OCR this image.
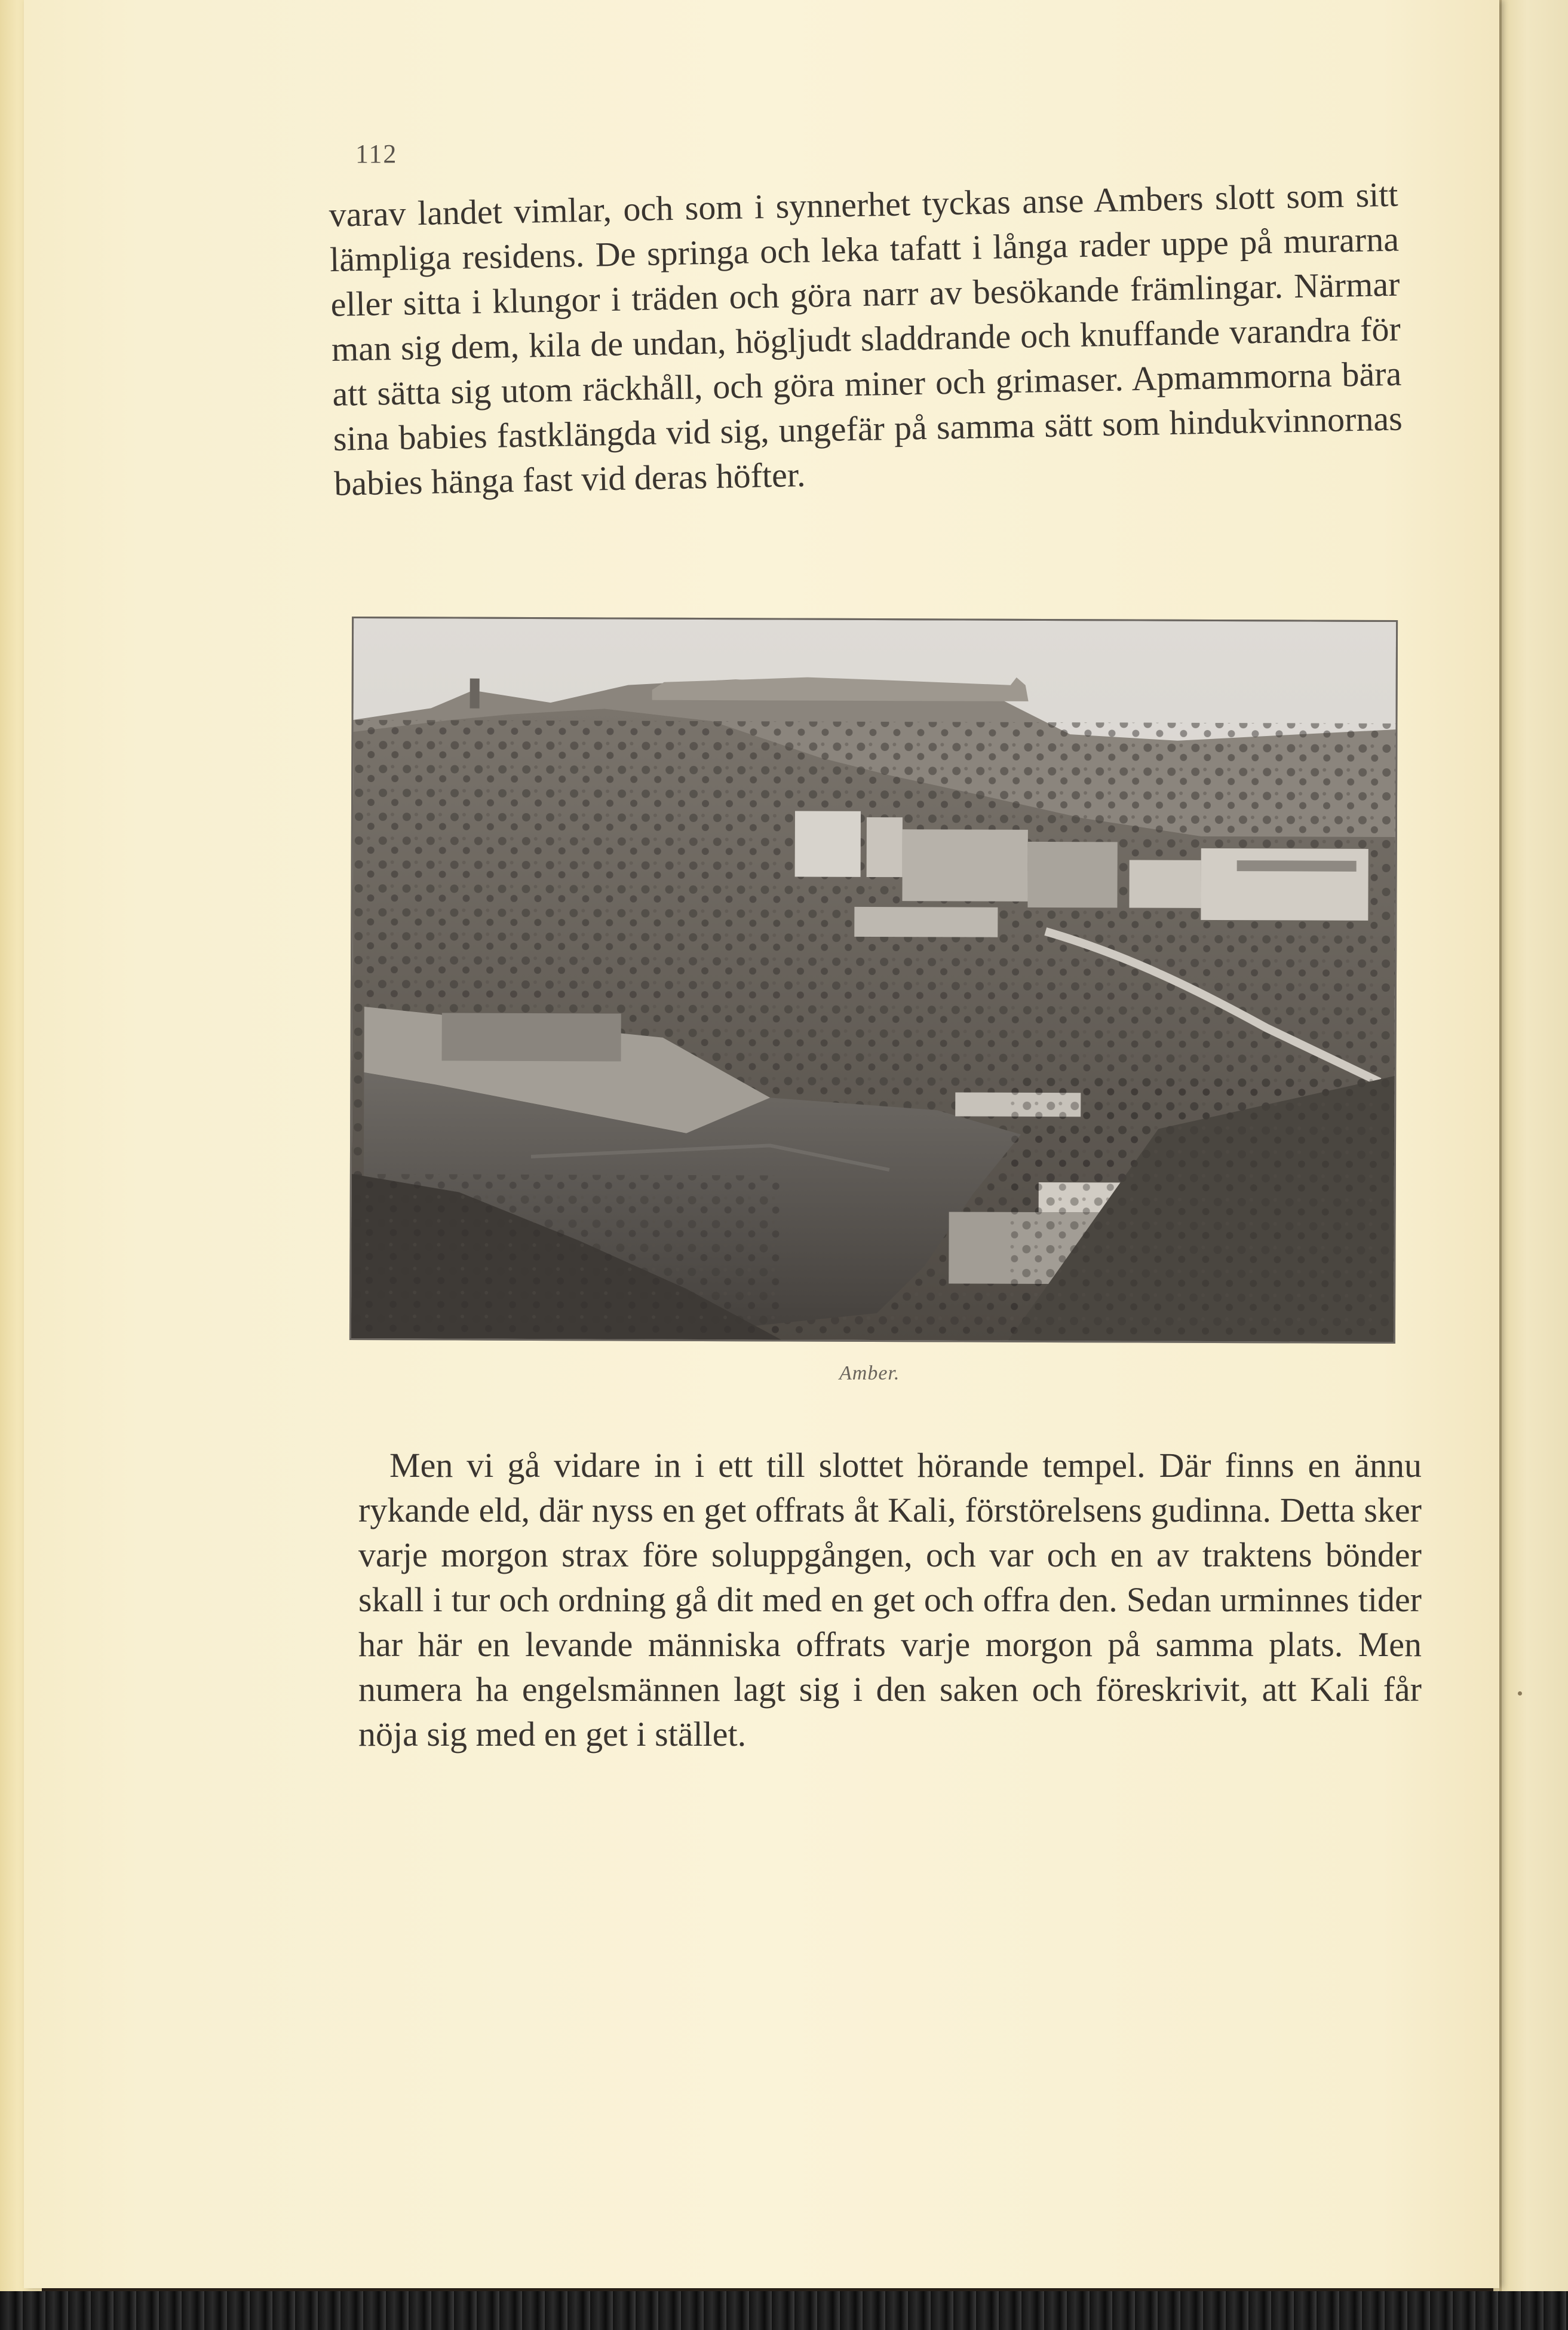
112

varav landet vimlar, och som i synnerhet tyckas anse Ambers slott som sitt lämpliga residens. De springa och leka tafatt i långa rader uppe på murarna eller sitta i klungor i träden och göra narr av besökande främlingar. Närmar man sig dem, kila de undan, högljudt sladdrande och knuffande varandra för att sätta sig utom räckhåll, och göra miner och grimaser. Apmammorna bära sina babies fastklängda vid sig, ungefär på samma sätt som hindukvinnornas babies hänga fast vid deras höfter.

Amber.

Men vi gå vidare in i ett till slottet hörande tempel. Där finns en ännu rykande eld, där nyss en get offrats åt Kali, förstörelsens gudinna. Detta sker varje morgon strax före soluppgången, och var och en av traktens bönder skall i tur och ordning gå dit med en get och offra den. Sedan urminnes tider har här en levande människa offrats varje morgon på samma plats. Men numera ha engelsmännen lagt sig i den saken och föreskrivit, att Kali får nöja sig med en get i stället.
